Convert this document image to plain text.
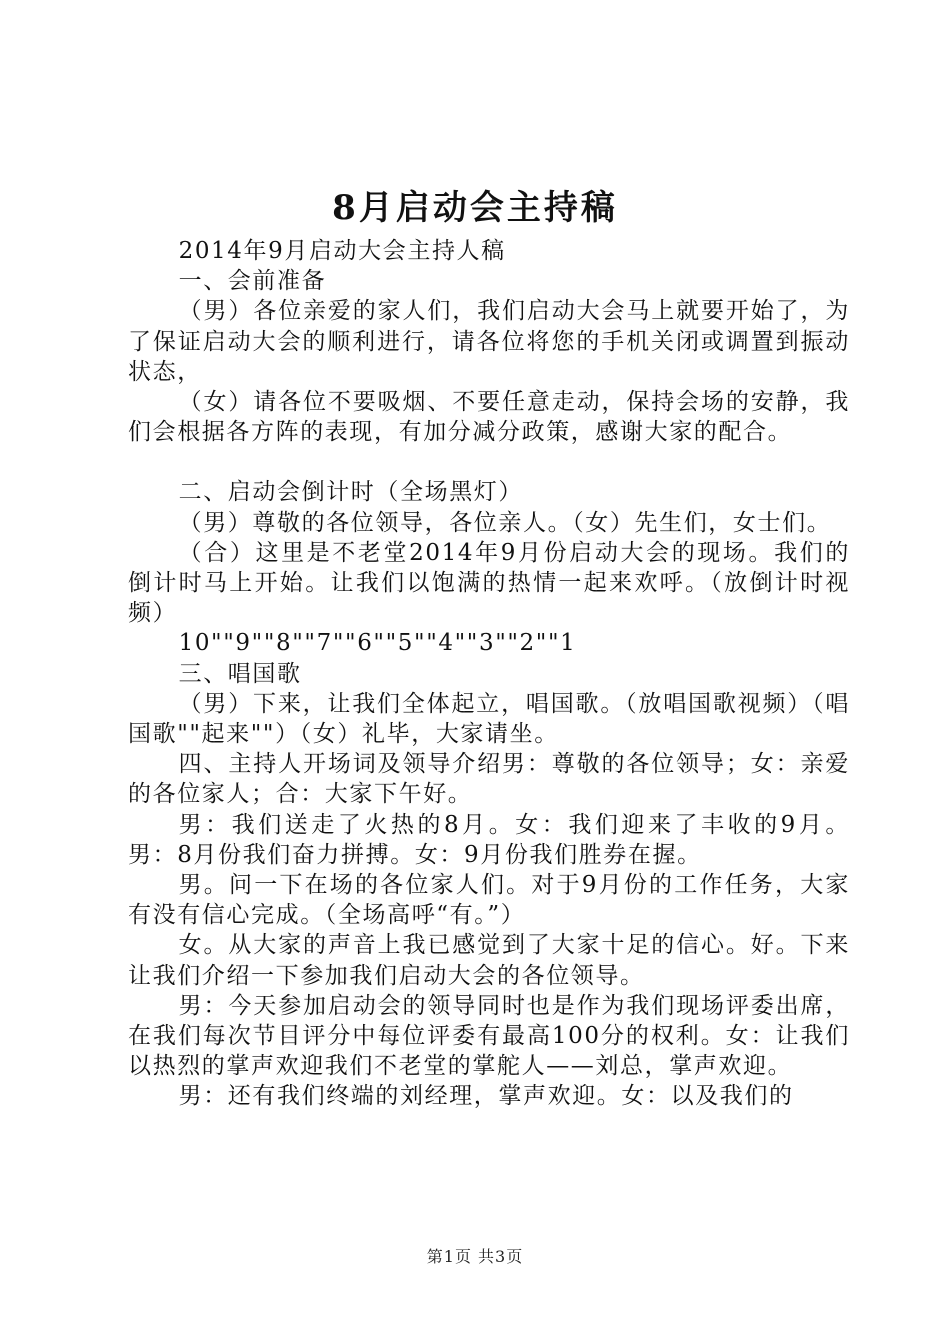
8月启动会主持稿

2014年9月启动大会主持人稿

一、会前准备

（男）各位亲爱的家人们，我们启动大会马上就要开始了，为了保证启动大会的顺利进行，请各位将您的手机关闭或调置到振动状态，

（女）请各位不要吸烟、不要任意走动，保持会场的安静，我们会根据各方阵的表现，有加分减分政策，感谢大家的配合。

二、启动会倒计时（全场黑灯）

（男）尊敬的各位领导，各位亲人。（女）先生们，女士们。

（合）这里是不老堂2014年9月份启动大会的现场。我们的倒计时马上开始。让我们以饱满的热情一起来欢呼。（放倒计时视频）

10""9""8""7""6""5""4""3""2""1

三、唱国歌

（男）下来，让我们全体起立，唱国歌。（放唱国歌视频）（唱国歌""起来""）（女）礼毕，大家请坐。

四、主持人开场词及领导介绍男：尊敬的各位领导；女：亲爱的各位家人；合：大家下午好。

男：我们送走了火热的8月。女：我们迎来了丰收的9月。男：8月份我们奋力拼搏。女：9月份我们胜券在握。

男。问一下在场的各位家人们。对于9月份的工作任务，大家有没有信心完成。（全场高呼“有。”）

女。从大家的声音上我已感觉到了大家十足的信心。好。下来让我们介绍一下参加我们启动大会的各位领导。

男：今天参加启动会的领导同时也是作为我们现场评委出席，在我们每次节目评分中每位评委有最高100分的权利。女：让我们以热烈的掌声欢迎我们不老堂的掌舵人——刘总，掌声欢迎。

男：还有我们终端的刘经理，掌声欢迎。女：以及我们的

第1页 共3页
